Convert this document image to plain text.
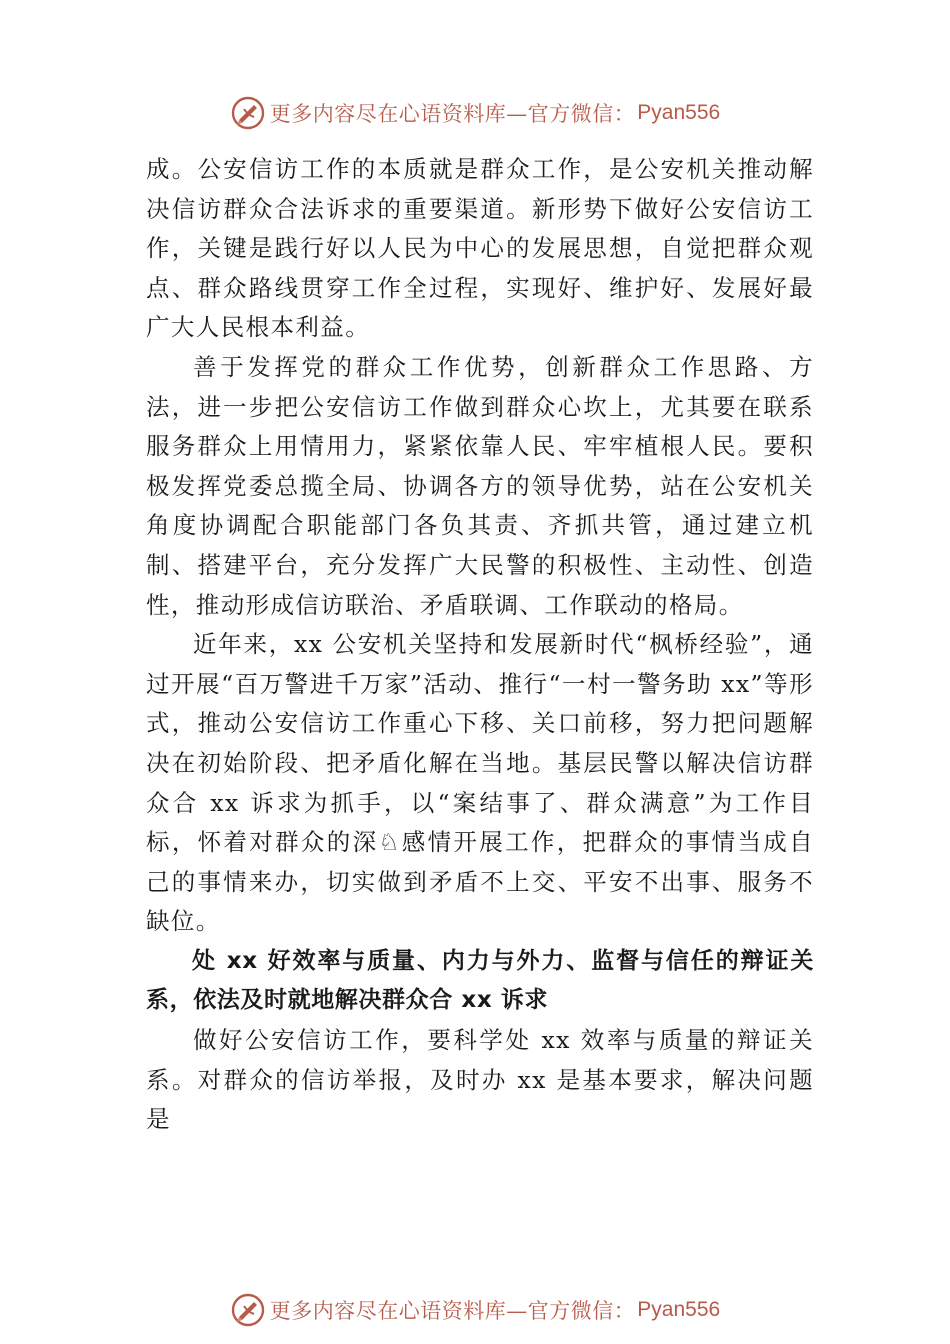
更多内容尽在心语资料库—官方微信： Pyan556

成。公安信访工作的本质就是群众工作，是公安机关推动解决信访群众合法诉求的重要渠道。新形势下做好公安信访工作，关键是践行好以人民为中心的发展思想，自觉把群众观点、群众路线贯穿工作全过程，实现好、维护好、发展好最广大人民根本利益。

善于发挥党的群众工作优势，创新群众工作思路、方法，进一步把公安信访工作做到群众心坎上，尤其要在联系服务群众上用情用力，紧紧依靠人民、牢牢植根人民。要积极发挥党委总揽全局、协调各方的领导优势，站在公安机关角度协调配合职能部门各负其责、齐抓共管，通过建立机制、搭建平台，充分发挥广大民警的积极性、主动性、创造性，推动形成信访联治、矛盾联调、工作联动的格局。

近年来，xx 公安机关坚持和发展新时代“枫桥经验”，通过开展“百万警进千万家”活动、推行“一村一警务助 xx”等形式，推动公安信访工作重心下移、关口前移，努力把问题解决在初始阶段、把矛盾化解在当地。基层民警以解决信访群众合 xx 诉求为抓手，以“案结事了、群众满意”为工作目标，怀着对群众的深♘感情开展工作，把群众的事情当成自己的事情来办，切实做到矛盾不上交、平安不出事、服务不缺位。

处 xx 好效率与质量、内力与外力、监督与信任的辩证关系，依法及时就地解决群众合 xx 诉求

做好公安信访工作，要科学处 xx 效率与质量的辩证关系。对群众的信访举报，及时办 xx 是基本要求，解决问题是

更多内容尽在心语资料库—官方微信： Pyan556
